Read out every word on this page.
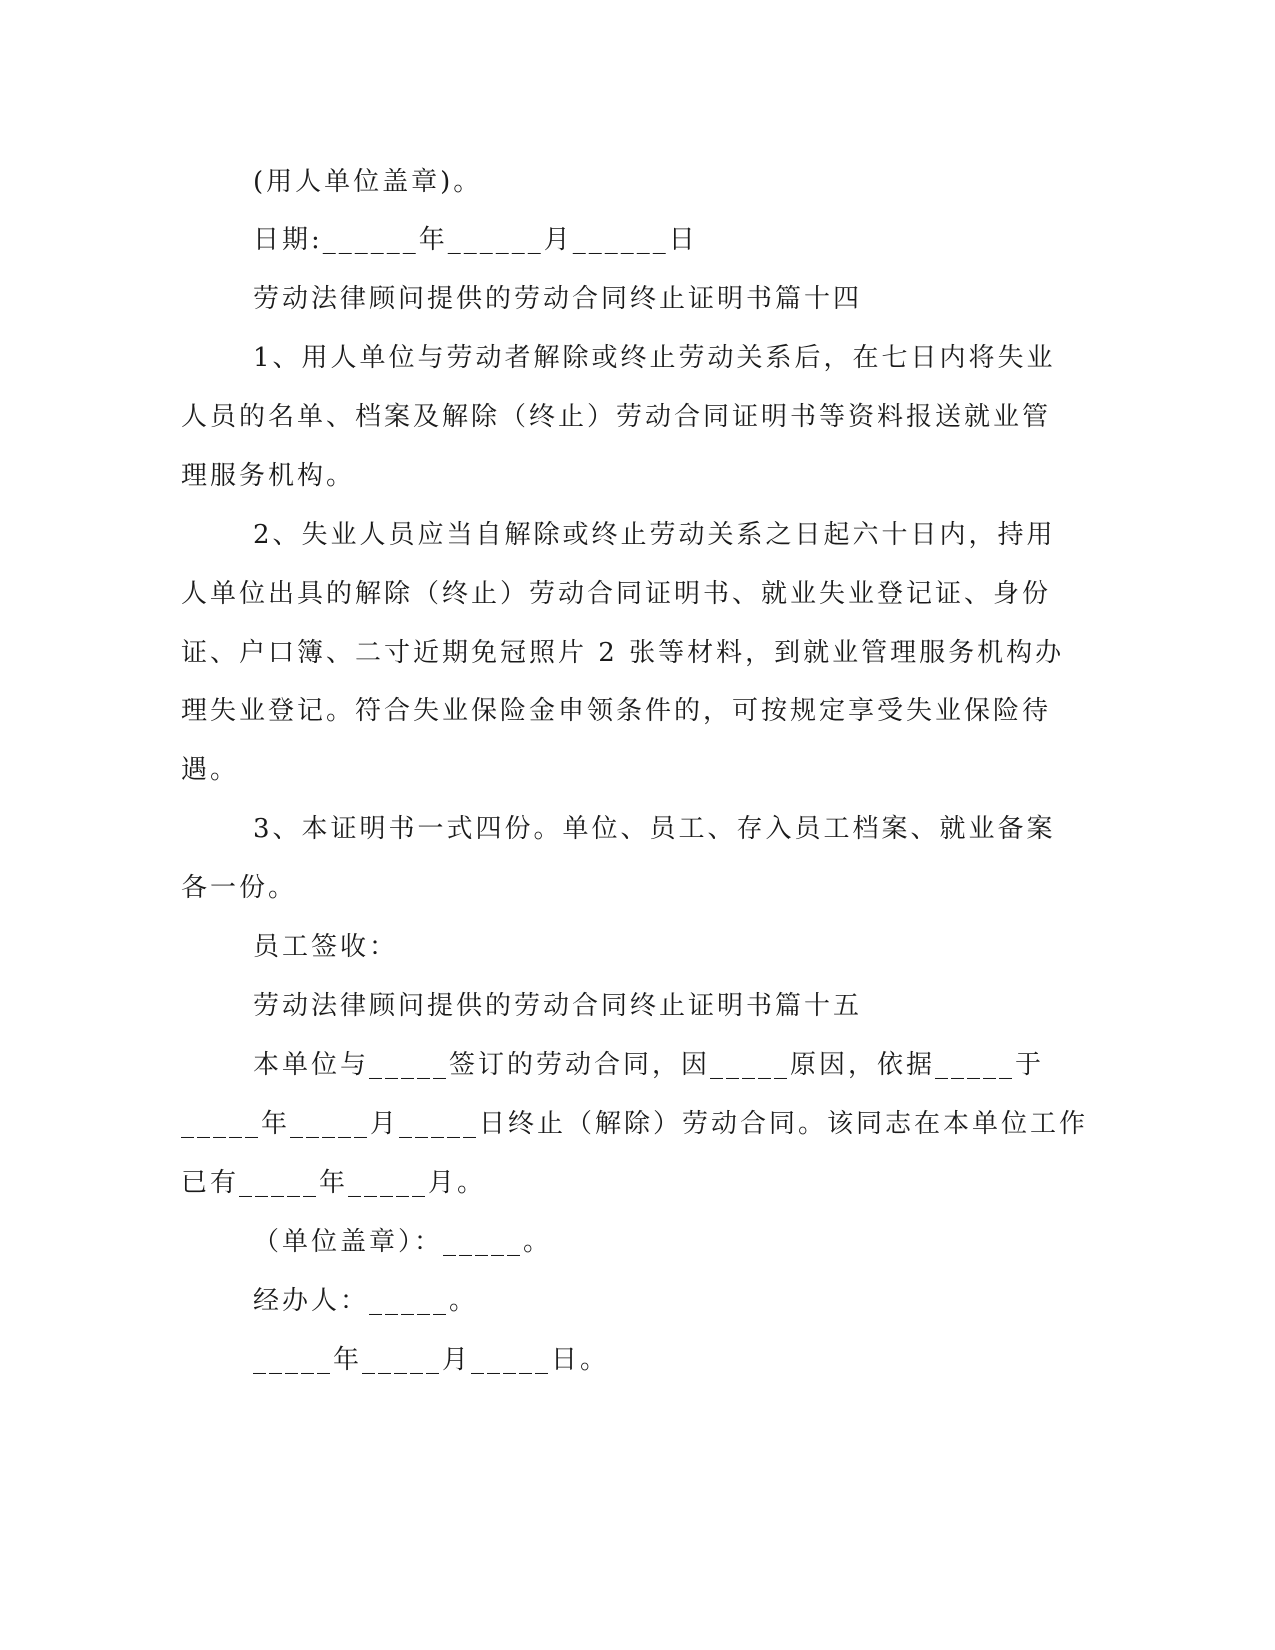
(用人单位盖章)。

日期:______年______月______日

劳动法律顾问提供的劳动合同终止证明书篇十四

1、用人单位与劳动者解除或终止劳动关系后，在七日内将失业

人员的名单、档案及解除（终止）劳动合同证明书等资料报送就业管

理服务机构。

2、失业人员应当自解除或终止劳动关系之日起六十日内，持用

人单位出具的解除（终止）劳动合同证明书、就业失业登记证、身份

证、户口簿、二寸近期免冠照片 2 张等材料，到就业管理服务机构办

理失业登记。符合失业保险金申领条件的，可按规定享受失业保险待

遇。

3、本证明书一式四份。单位、员工、存入员工档案、就业备案

各一份。

员工签收：

劳动法律顾问提供的劳动合同终止证明书篇十五

本单位与_____签订的劳动合同，因_____原因，依据_____于

_____年_____月_____日终止（解除）劳动合同。该同志在本单位工作

已有_____年_____月。

（单位盖章）：_____。

经办人：_____。

_____年_____月_____日。
